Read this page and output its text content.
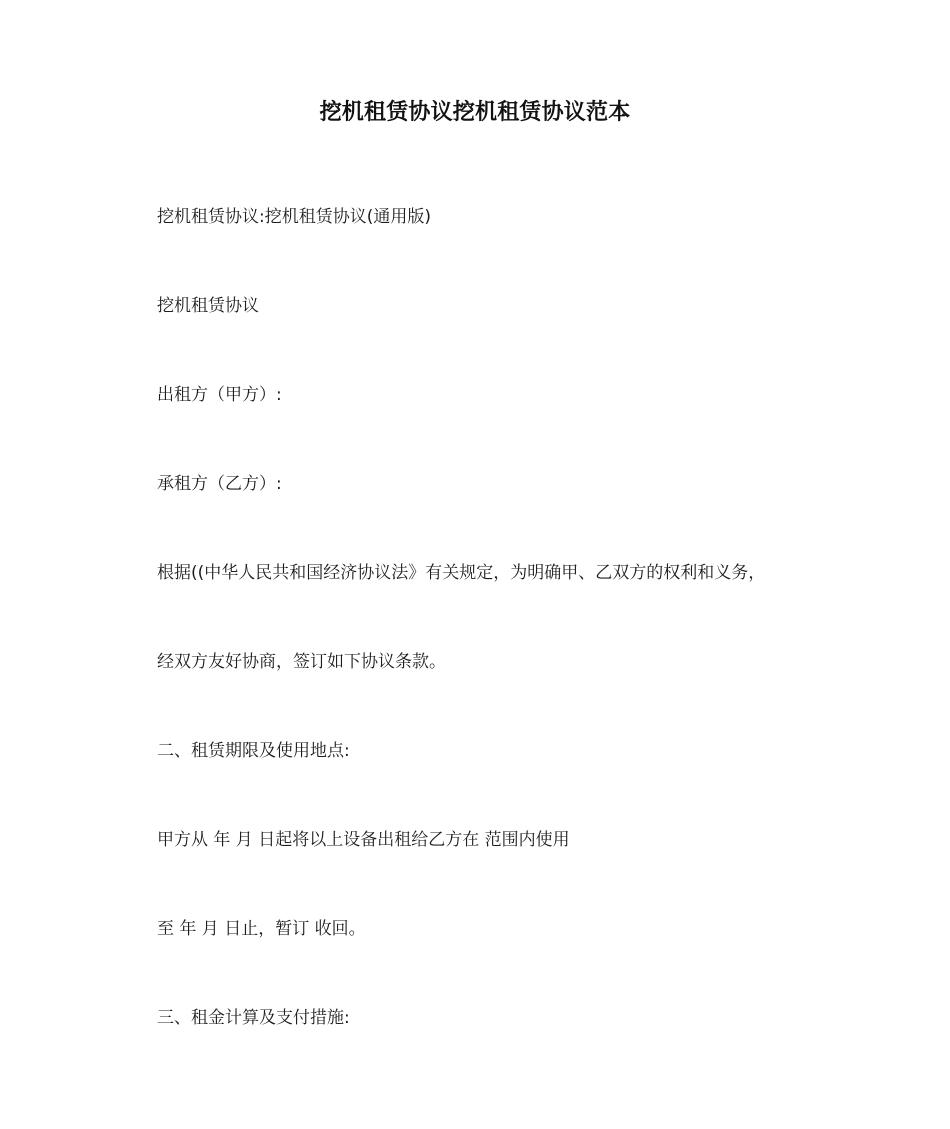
挖机租赁协议挖机租赁协议范本
挖机租赁协议:挖机租赁协议(通用版)
挖机租赁协议
出租方（甲方）:
承租方（乙方）:
根据((中华人民共和国经济协议法》有关规定，为明确甲、乙双方的权利和义务，
经双方友好协商，签订如下协议条款。
二、租赁期限及使用地点:
甲方从 年 月 日起将以上设备出租给乙方在 范围内使用
至 年 月 日止，暂订 收回。
三、租金计算及支付措施:
